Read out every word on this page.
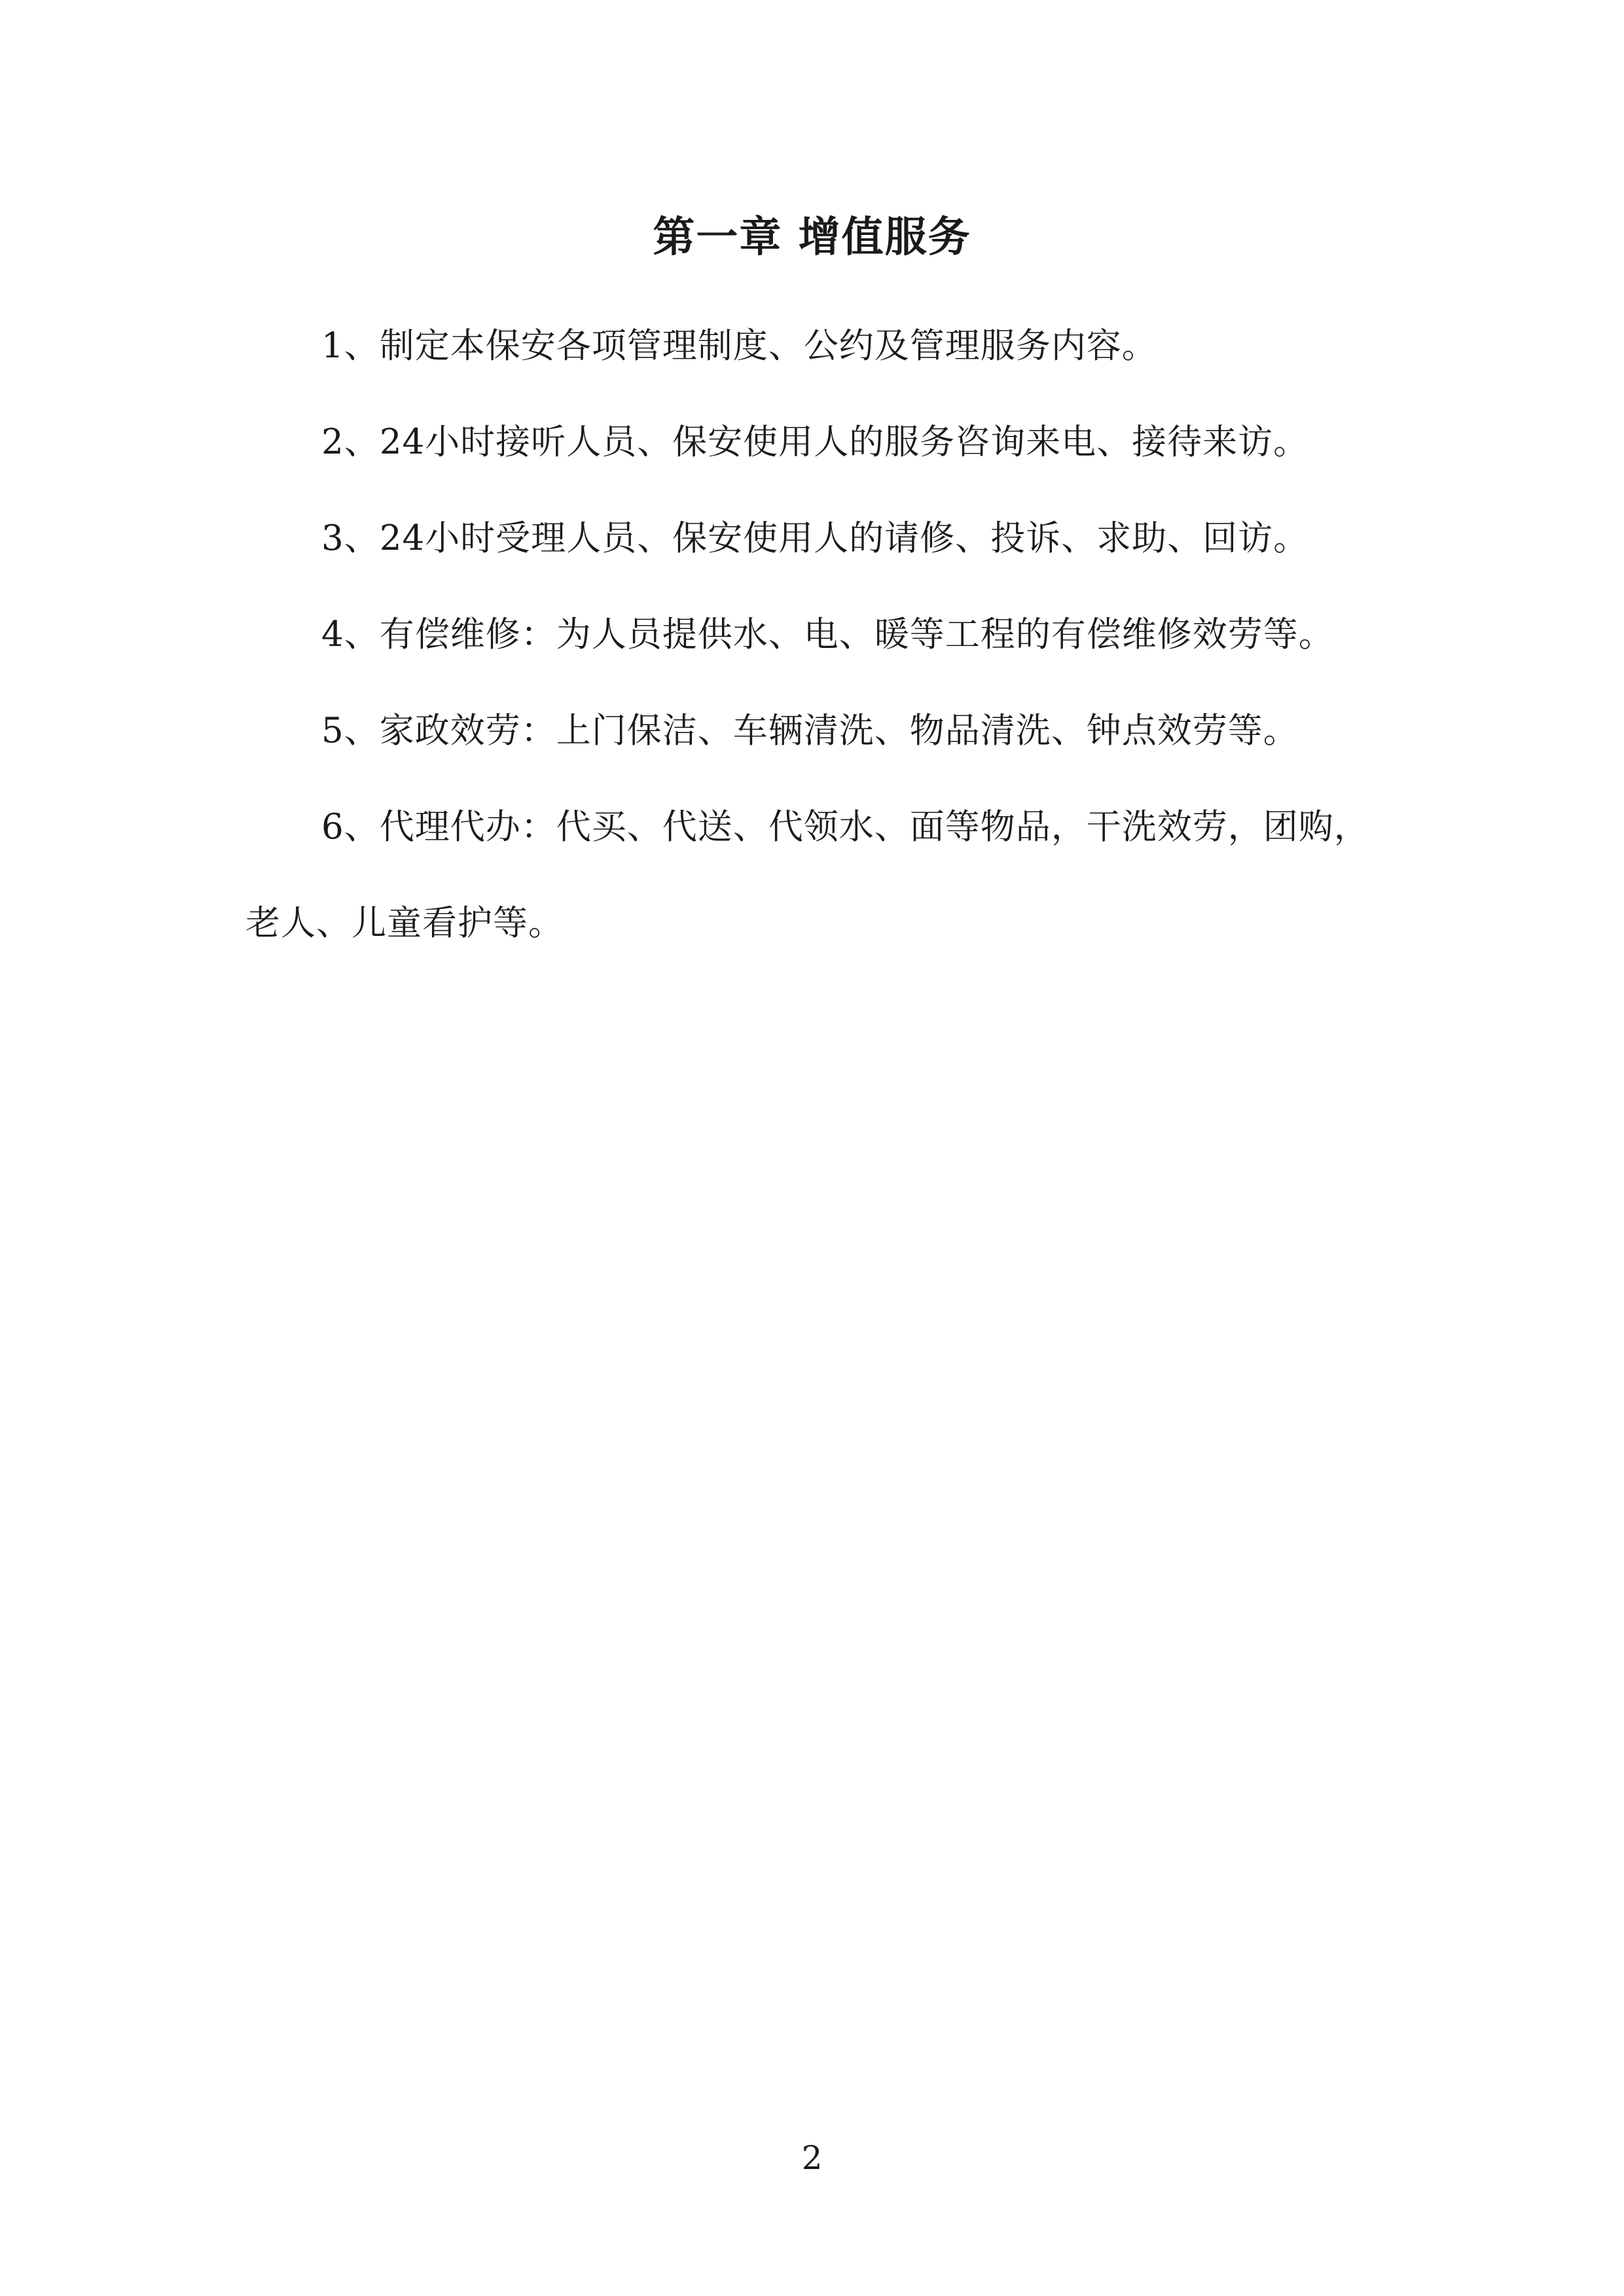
第一章 增值服务

1、制定本保安各项管理制度、公约及管理服务内容。

2、24小时接听人员、保安使用人的服务咨询来电、接待来访。

3、24小时受理人员、保安使用人的请修、投诉、求助、回访。

4、有偿维修：为人员提供水、电、暖等工程的有偿维修效劳等。

5、家政效劳：上门保洁、车辆清洗、物品清洗、钟点效劳等。

6、代理代办：代买、代送、代领水、面等物品，干洗效劳，团购，老人、儿童看护等。

2
